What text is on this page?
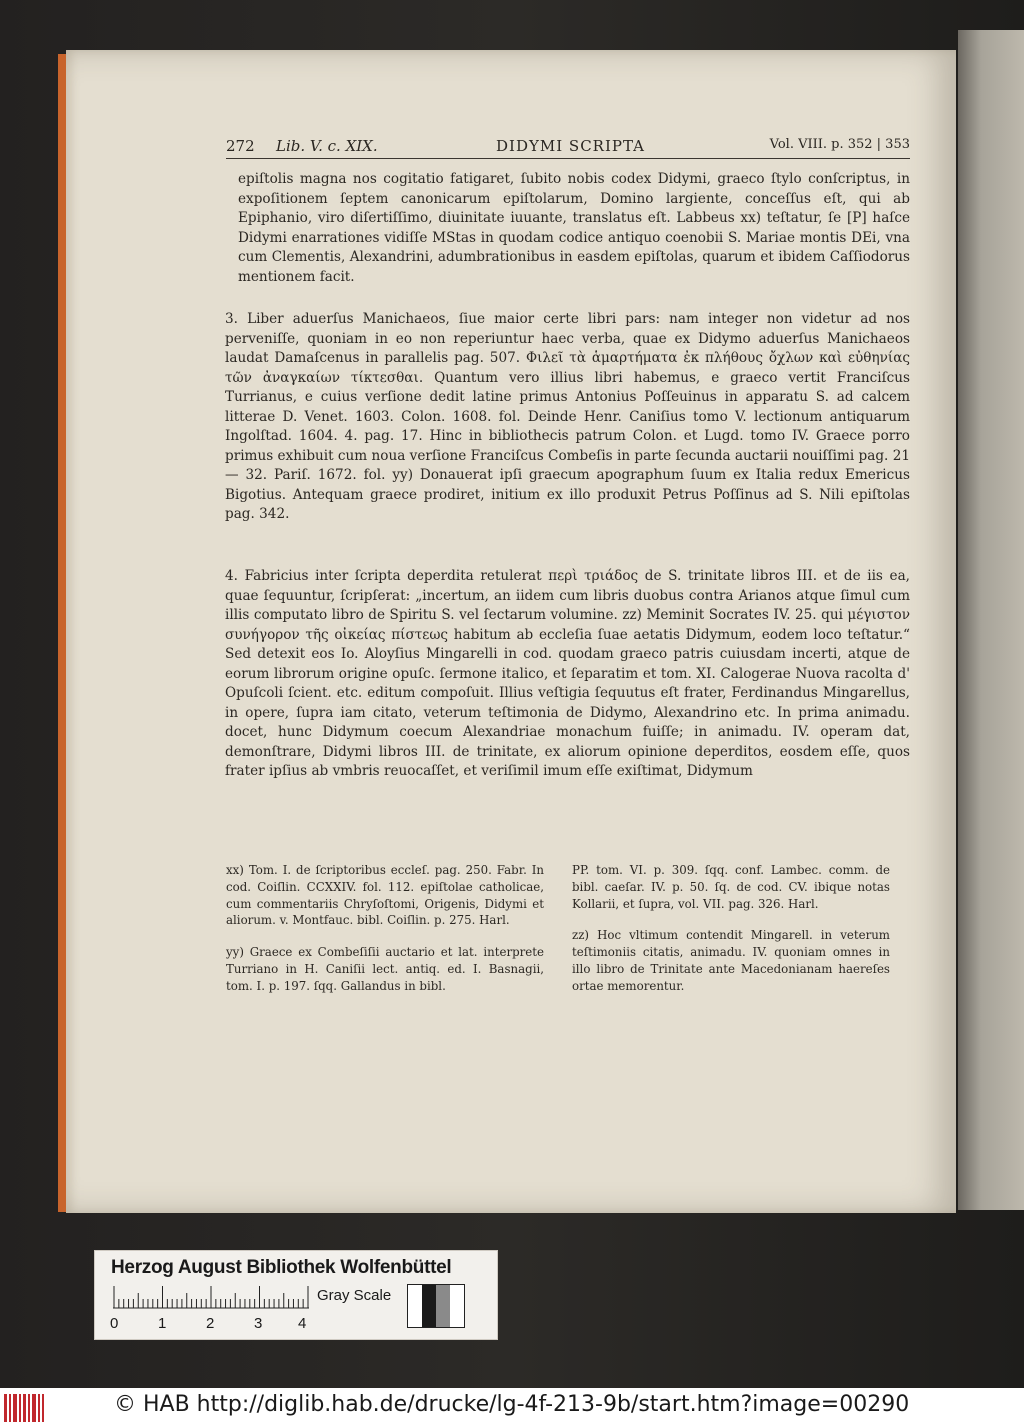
272 Lib. V. c. XIX.	DIDYMI SCRIPTA	Vol. VIII. p. 352 | 353

epiſtolis magna nos cogitatio fatigaret, ſubito nobis codex Didymi, graeco ſtylo conſcriptus, in expoſitionem ſeptem canonicarum epiſtolarum, Domino largiente, conceſſus eſt, qui ab Epiphanio, viro diſertiſſimo, diuinitate iuuante, translatus eſt. Labbeus xx) teſtatur, ſe [P] haſce Didymi enarrationes vidiſſe MStas in quodam codice antiquo coenobii S. Mariae montis DEi, vna cum Clementis, Alexandrini, adumbrationibus in easdem epiſtolas, quarum et ibidem Caſſiodorus mentionem facit.

3. Liber aduerſus Manichaeos, ſiue maior certe libri pars: nam integer non videtur ad nos perveniſſe, quoniam in eo non reperiuntur haec verba, quae ex Didymo aduerſus Manichaeos laudat Damaſcenus in parallelis pag. 507. Φιλεῖ τὰ ἁμαρτήματα ἐκ πλήθους ὄχλων καὶ εὐθηνίας τῶν ἀναγκαίων τίκτεσθαι. Quantum vero illius libri habemus, e graeco vertit Franciſcus Turrianus, e cuius verſione dedit latine primus Antonius Poſſeuinus in apparatu S. ad calcem litterae D. Venet. 1603. Colon. 1608. fol. Deinde Henr. Caniſius tomo V. lectionum antiquarum Ingolſtad. 1604. 4. pag. 17. Hinc in bibliothecis patrum Colon. et Lugd. tomo IV. Graece porro primus exhibuit cum noua verſione Franciſcus Combeſis in parte ſecunda auctarii nouiſſimi pag. 21 — 32. Pariſ. 1672. fol. yy) Donauerat ipſi graecum apographum ſuum ex Italia redux Emericus Bigotius. Antequam graece prodiret, initium ex illo produxit Petrus Poſſinus ad S. Nili epiſtolas pag. 342.

4. Fabricius inter ſcripta deperdita retulerat περὶ τριάδος de S. trinitate libros III. et de iis ea, quae ſequuntur, ſcripſerat: „incertum, an iidem cum libris duobus contra Arianos atque ſimul cum illis computato libro de Spiritu S. vel ſectarum volumine. zz) Meminit Socrates IV. 25. qui μέγιστον συνήγορον τῆς οἰκείας πίστεως habitum ab eccleſia ſuae aetatis Didymum, eodem loco teſtatur.“ Sed detexit eos Io. Aloyſius Mingarelli in cod. quodam graeco patris cuiusdam incerti, atque de eorum librorum origine opuſc. ſermone italico, et ſeparatim et tom. XI. Calogerae Nuova racolta d' Opuſcoli ſcient. etc. editum compoſuit. Illius veſtigia ſequutus eſt frater, Ferdinandus Mingarellus, in opere, ſupra iam citato, veterum teſtimonia de Didymo, Alexandrino etc. In prima animadu. docet, hunc Didymum coecum Alexandriae monachum fuiſſe; in animadu. IV. operam dat, demonſtrare, Didymi libros III. de trinitate, ex aliorum opinione deperditos, eosdem eſſe, quos frater ipſius ab vmbris reuocaſſet, et veriſimil imum eſſe exiſtimat, Didymum

xx) Tom. I. de ſcriptoribus eccleſ. pag. 250. Fabr. In cod. Coiſlin. CCXXIV. fol. 112. epiſtolae catholicae, cum commentariis Chryſoſtomi, Origenis, Didymi et aliorum. v. Montfauc. bibl. Coiſlin. p. 275. Harl.

yy) Graece ex Combeſiſii auctario et lat. interprete Turriano in H. Caniſii lect. antiq. ed. I. Basnagii, tom. I. p. 197. ſqq. Gallandus in bibl.

PP. tom. VI. p. 309. ſqq. conf. Lambec. comm. de bibl. caeſar. IV. p. 50. ſq. de cod. CV. ibique notas Kollarii, et ſupra, vol. VII. pag. 326. Harl.

zz) Hoc vltimum contendit Mingarell. in veterum teſtimoniis citatis, animadu. IV. quoniam omnes in illo libro de Trinitate ante Macedonianam haereſes ortae memorentur.

Herzog August Bibliothek Wolfenbüttel
Gray Scale
0	1	2	3 4
© HAB http://diglib.hab.de/drucke/lg-4f-213-9b/start.htm?image=00290
